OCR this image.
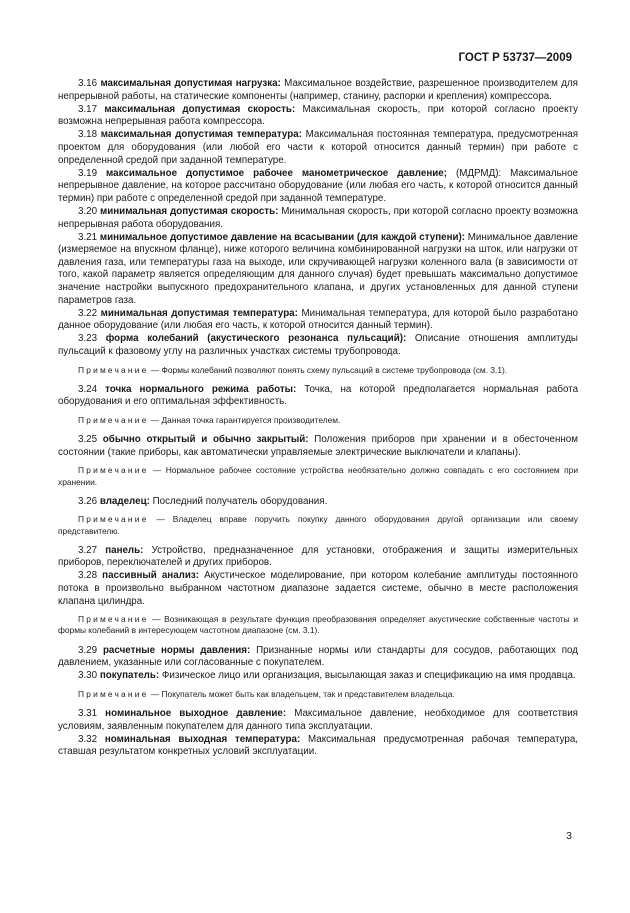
ГОСТ Р 53737—2009
3.16 максимальная допустимая нагрузка: Максимальное воздействие, разрешенное производителем для непрерывной работы, на статические компоненты (например, станину, распорки и крепления) компрессора.
3.17 максимальная допустимая скорость: Максимальная скорость, при которой согласно проекту возможна непрерывная работа компрессора.
3.18 максимальная допустимая температура: Максимальная постоянная температура, предусмотренная проектом для оборудования (или любой его части к которой относится данный термин) при работе с определенной средой при заданной температуре.
3.19 максимальное допустимое рабочее манометрическое давление; (МДРМД): Максимальное непрерывное давление, на которое рассчитано оборудование (или любая его часть, к которой относится данный термин) при работе с определенной средой при заданной температуре.
3.20 минимальная допустимая скорость: Минимальная скорость, при которой согласно проекту возможна непрерывная работа оборудования.
3.21 минимальное допустимое давление на всасывании (для каждой ступени): Минимальное давление (измеряемое на впускном фланце), ниже которого величина комбинированной нагрузки на шток, или нагрузки от давления газа, или температуры газа на выходе, или скручивающей нагрузки коленного вала (в зависимости от того, какой параметр является определяющим для данного случая) будет превышать максимально допустимое значение настройки выпускного предохранительного клапана, и других установленных для данной ступени параметров газа.
3.22 минимальная допустимая температура: Минимальная температура, для которой было разработано данное оборудование (или любая его часть, к которой относится данный термин).
3.23 форма колебаний (акустического резонанса пульсаций): Описание отношения амплитуды пульсаций к фазовому углу на различных участках системы трубопровода.
Примечание — Формы колебаний позволяют понять схему пульсаций в системе трубопровода (см. 3.1).
3.24 точка нормального режима работы: Точка, на которой предполагается нормальная работа оборудования и его оптимальная эффективность.
Примечание — Данная точка гарантируется производителем.
3.25 обычно открытый и обычно закрытый: Положения приборов при хранении и в обесточенном состоянии (такие приборы, как автоматически управляемые электрические выключатели и клапаны).
Примечание — Нормальное рабочее состояние устройства необязательно должно совпадать с его состоянием при хранении.
3.26 владелец: Последний получатель оборудования.
Примечание — Владелец вправе поручить покупку данного оборудования другой организации или своему представителю.
3.27 панель: Устройство, предназначенное для установки, отображения и защиты измерительных приборов, переключателей и других приборов.
3.28 пассивный анализ: Акустическое моделирование, при котором колебание амплитуды постоянного потока в произвольно выбранном частотном диапазоне задается системе, обычно в месте расположения клапана цилиндра.
Примечание — Возникающая в результате функция преобразования определяет акустические собственные частоты и формы колебаний в интересующем частотном диапазоне (см. 3.1).
3.29 расчетные нормы давления: Признанные нормы или стандарты для сосудов, работающих под давлением, указанные или согласованные с покупателем.
3.30 покупатель: Физическое лицо или организация, высылающая заказ и спецификацию на имя продавца.
Примечание — Покупатель может быть как владельцем, так и представителем владельца.
3.31 номинальное выходное давление: Максимальное давление, необходимое для соответствия условиям, заявленным покупателем для данного типа эксплуатации.
3.32 номинальная выходная температура: Максимальная предусмотренная рабочая температура, ставшая результатом конкретных условий эксплуатации.
3
